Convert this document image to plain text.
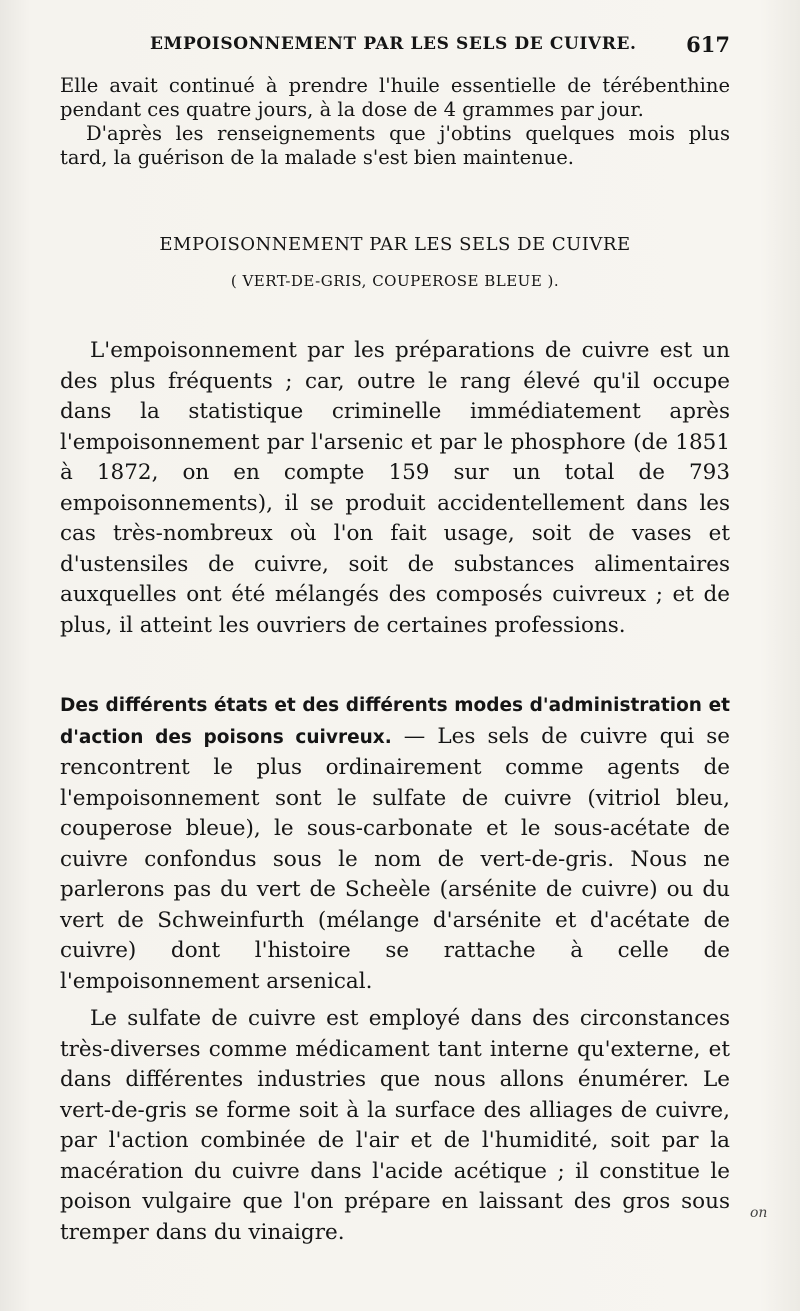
EMPOISONNEMENT PAR LES SELS DE CUIVRE. 617

Elle avait continué à prendre l'huile essentielle de térébenthine pendant ces quatre jours, à la dose de 4 grammes par jour.

D'après les renseignements que j'obtins quelques mois plus tard, la guérison de la malade s'est bien maintenue.

EMPOISONNEMENT PAR LES SELS DE CUIVRE
( VERT-DE-GRIS, COUPEROSE BLEUE ).

L'empoisonnement par les préparations de cuivre est un des plus fréquents ; car, outre le rang élevé qu'il occupe dans la statistique criminelle immédiatement après l'empoisonnement par l'arsenic et par le phosphore (de 1851 à 1872, on en compte 159 sur un total de 793 empoisonnements), il se produit accidentellement dans les cas très-nombreux où l'on fait usage, soit de vases et d'ustensiles de cuivre, soit de substances alimentaires auxquelles ont été mélangés des composés cuivreux ; et de plus, il atteint les ouvriers de certaines professions.

Des différents états et des différents modes d'administration et d'action des poisons cuivreux. — Les sels de cuivre qui se rencontrent le plus ordinairement comme agents de l'empoisonnement sont le sulfate de cuivre (vitriol bleu, couperose bleue), le sous-carbonate et le sous-acétate de cuivre confondus sous le nom de vert-de-gris. Nous ne parlerons pas du vert de Scheèle (arsénite de cuivre) ou du vert de Schweinfurth (mélange d'arsénite et d'acétate de cuivre) dont l'histoire se rattache à celle de l'empoisonnement arsenical.

Le sulfate de cuivre est employé dans des circonstances très-diverses comme médicament tant interne qu'externe, et dans différentes industries que nous allons énumérer. Le vert-de-gris se forme soit à la surface des alliages de cuivre, par l'action combinée de l'air et de l'humidité, soit par la macération du cuivre dans l'acide acétique ; il constitue le poison vulgaire que l'on prépare en laissant des gros sous tremper dans du vinaigre.

on
